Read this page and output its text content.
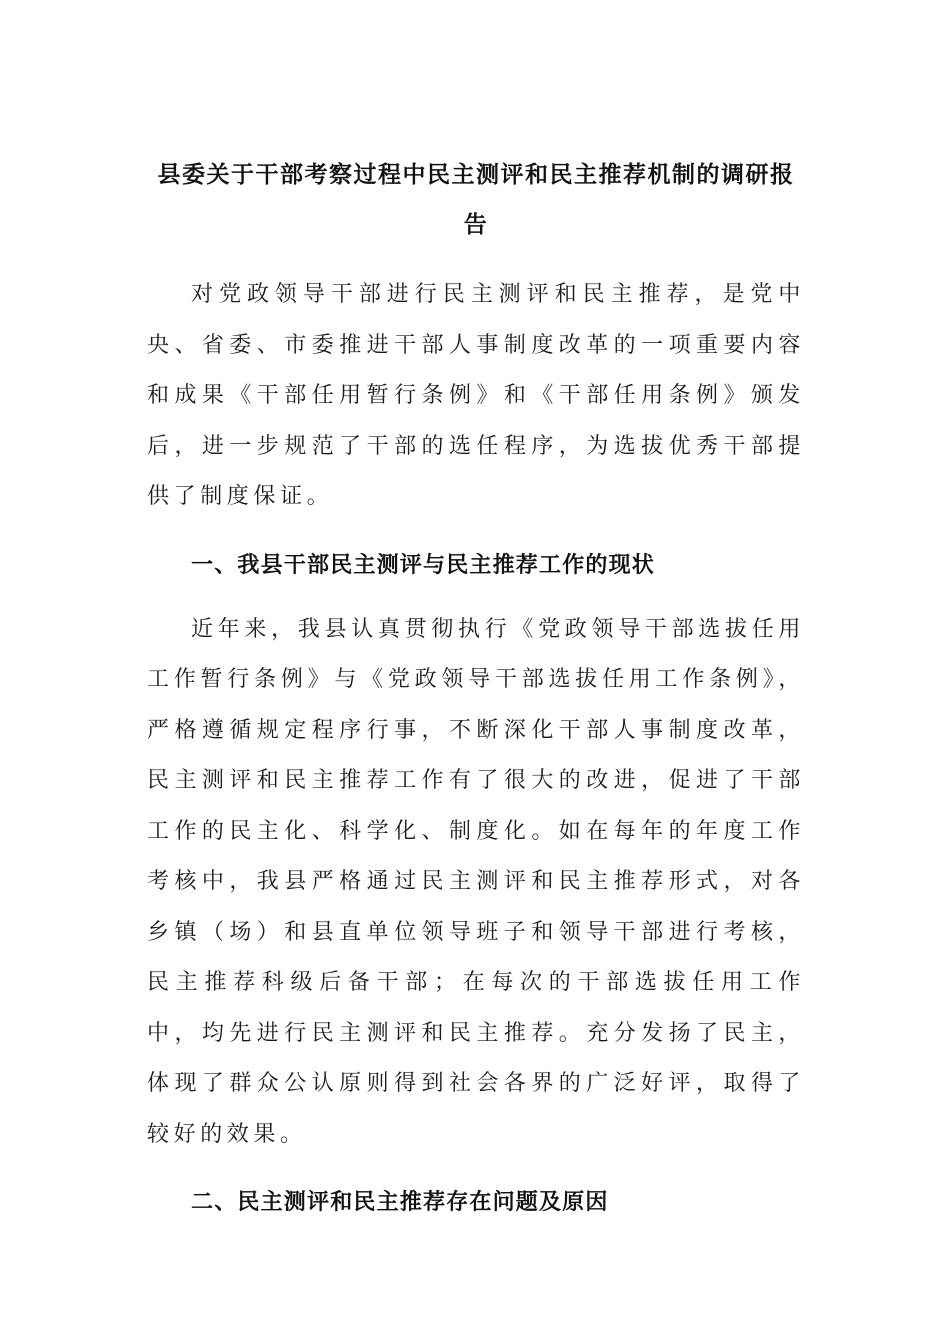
县委关于干部考察过程中民主测评和民主推荐机制的调研报告

对党政领导干部进行民主测评和民主推荐，是党中央、省委、市委推进干部人事制度改革的一项重要内容和成果《干部任用暂行条例》和《干部任用条例》颁发后，进一步规范了干部的选任程序，为选拔优秀干部提供了制度保证。

一、我县干部民主测评与民主推荐工作的现状

近年来，我县认真贯彻执行《党政领导干部选拔任用工作暂行条例》与《党政领导干部选拔任用工作条例》，严格遵循规定程序行事，不断深化干部人事制度改革，民主测评和民主推荐工作有了很大的改进，促进了干部工作的民主化、科学化、制度化。如在每年的年度工作考核中，我县严格通过民主测评和民主推荐形式，对各乡镇（场）和县直单位领导班子和领导干部进行考核，民主推荐科级后备干部；在每次的干部选拔任用工作中，均先进行民主测评和民主推荐。充分发扬了民主，体现了群众公认原则得到社会各界的广泛好评，取得了较好的效果。

二、民主测评和民主推荐存在问题及原因
